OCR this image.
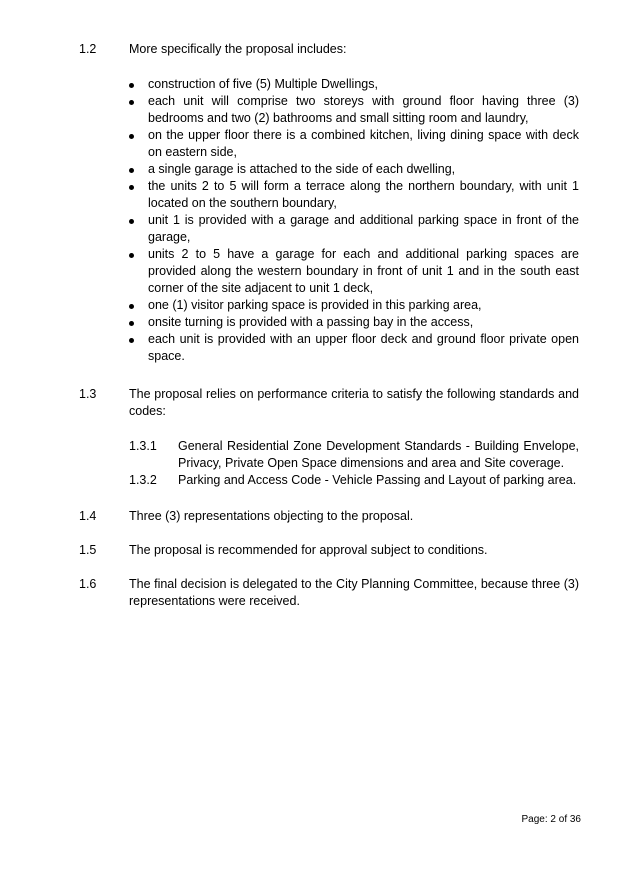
1.2	More specifically the proposal includes:
construction of five (5) Multiple Dwellings,
each unit will comprise two storeys with ground floor having three (3) bedrooms and two (2) bathrooms and small sitting room and laundry,
on the upper floor there is a combined kitchen, living dining space with deck on eastern side,
a single garage is attached to the side of each dwelling,
the units 2 to 5 will form a terrace along the northern boundary, with unit 1 located on the southern boundary,
unit 1 is provided with a garage and additional parking space in front of the garage,
units 2 to 5 have a garage for each and additional parking spaces are provided along the western boundary in front of unit 1 and in the south east corner of the site adjacent to unit 1 deck,
one (1) visitor parking space is provided in this parking area,
onsite turning is provided with a passing bay in the access,
each unit is provided with an upper floor deck and ground floor private open space.
1.3	The proposal relies on performance criteria to satisfy the following standards and codes:
1.3.1 General Residential Zone Development Standards - Building Envelope, Privacy, Private Open Space dimensions and area and Site coverage.
1.3.2 Parking and Access Code - Vehicle Passing and Layout of parking area.
1.4	Three (3) representations objecting to the proposal.
1.5	The proposal is recommended for approval subject to conditions.
1.6	The final decision is delegated to the City Planning Committee, because three (3) representations were received.
Page: 2 of 36
